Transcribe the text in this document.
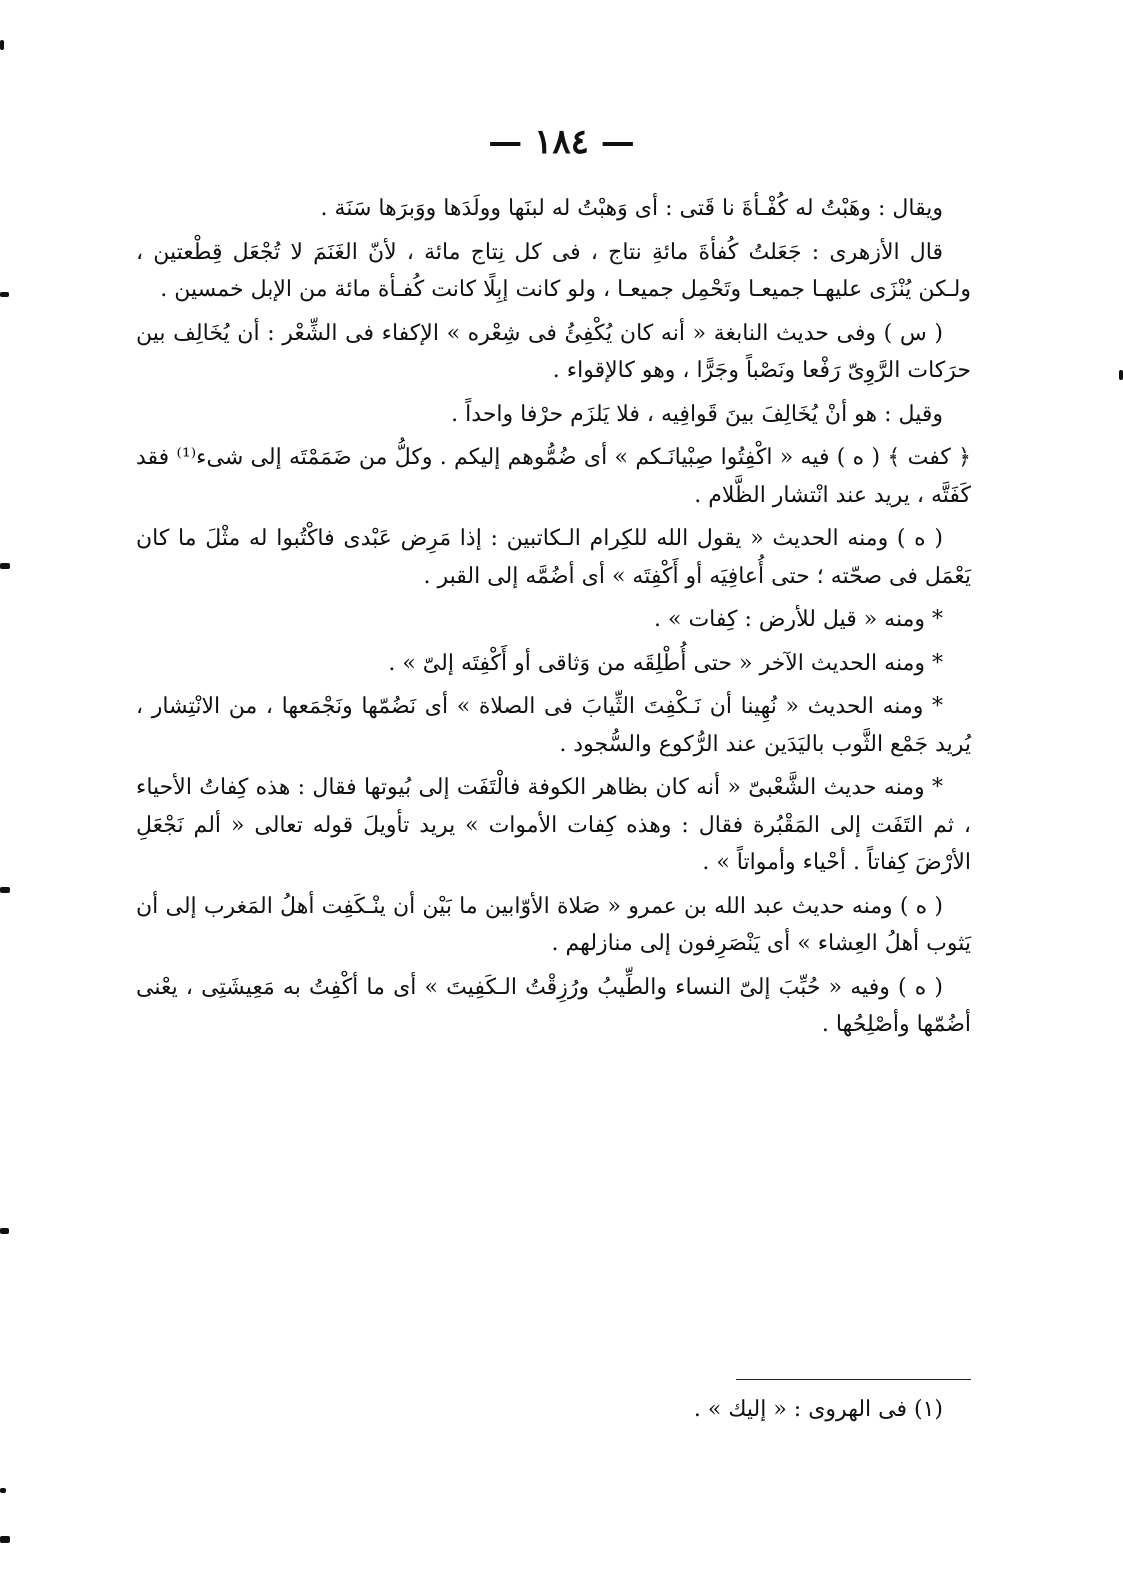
— ١٨٤ —

ويقال : وهَبْتُ له كُفْـأةَ نا قَتى : أى وَهبْتُ له لبنَها وولَدَها ووَبرَها سَنَة .

قال الأزهرى : جَعَلتُ كُفأةَ مائةِ نتاج ، فى كل نِتاج مائة ، لأنّ الغَنَمَ لا تُجْعَل قِطْعتين ، ولـكن يُنْزَى عليهـا جميعـا وتَحْمِل جميعـا ، ولو كانت إبِلًا كانت كُفـأة مائة من الإبل خمسين .

( س ) وفى حديث النابغة « أنه كان يُكْفِئُ فى شِعْره » الإكفاء فى الشِّعْر : أن يُخَالِف بين حرَكات الرَّوِىّ رَفْعا ونَصْباً وجَرًّا ، وهو كالإقواء .

وقيل : هو أنْ يُخَالِفَ بينَ قَوافِيه ، فلا يَلزَم حرْفا واحداً .

﴿ كفت ﴾ ( ه ) فيه « اكْفِتُوا صِبْيانَـكم » أى ضُمُّوهم إليكم . وكلُّ من ضَمَمْتَه إلى شىء⁽¹⁾ فقد كَفَتَّه ، يريد عند انْتشار الظَّلام .

( ه ) ومنه الحديث « يقول الله للكِرام الـكاتبين : إذا مَرِض عَبْدى فاكْتُبوا له مثْلَ ما كان يَعْمَل فى صحّته ؛ حتى أُعافِيَه أو أَكْفِتَه » أى أضُمَّه إلى القبر .

* ومنه « قيل للأرض : كِفات » .

* ومنه الحديث الآخر « حتى أُطْلِقَه من وَثاقى أو أَكْفِتَه إلىّ » .

* ومنه الحديث « نُهِينا أن نَـكْفِتَ الثِّيابَ فى الصلاة » أى نَضُمّها ونَجْمَعها ، من الانْتِشار ، يُريد جَمْع الثَّوب باليَدَين عند الرُّكوع والسُّجود .

* ومنه حديث الشَّعْبىّ « أنه كان بظاهر الكوفة فالْتَفَت إلى بُيوتها فقال : هذه كِفاتُ الأحياء ، ثم التَفَت إلى المَقْبُرة فقال : وهذه كِفات الأموات » يريد تأويلَ قوله تعالى « ألم نَجْعَلِ الأرْضَ كِفاتاً . أحْياء وأمواتاً » .

( ه ) ومنه حديث عبد الله بن عمرو « صَلاة الأوّابين ما بَيْن أن ينْـكَفِت أهلُ المَغرب إلى أن يَثوب أهلُ العِشاء » أى يَنْصَرِفون إلى منازلهم .

( ه ) وفيه « حُبِّبَ إلىّ النساء والطِّيبُ ورُزِقْتُ الـكَفِيتَ » أى ما أكْفِتُ به مَعِيشَتِى ، يعْنى أضُمّها وأصْلِحُها .

(١) فى الهروى : « إليك » .
